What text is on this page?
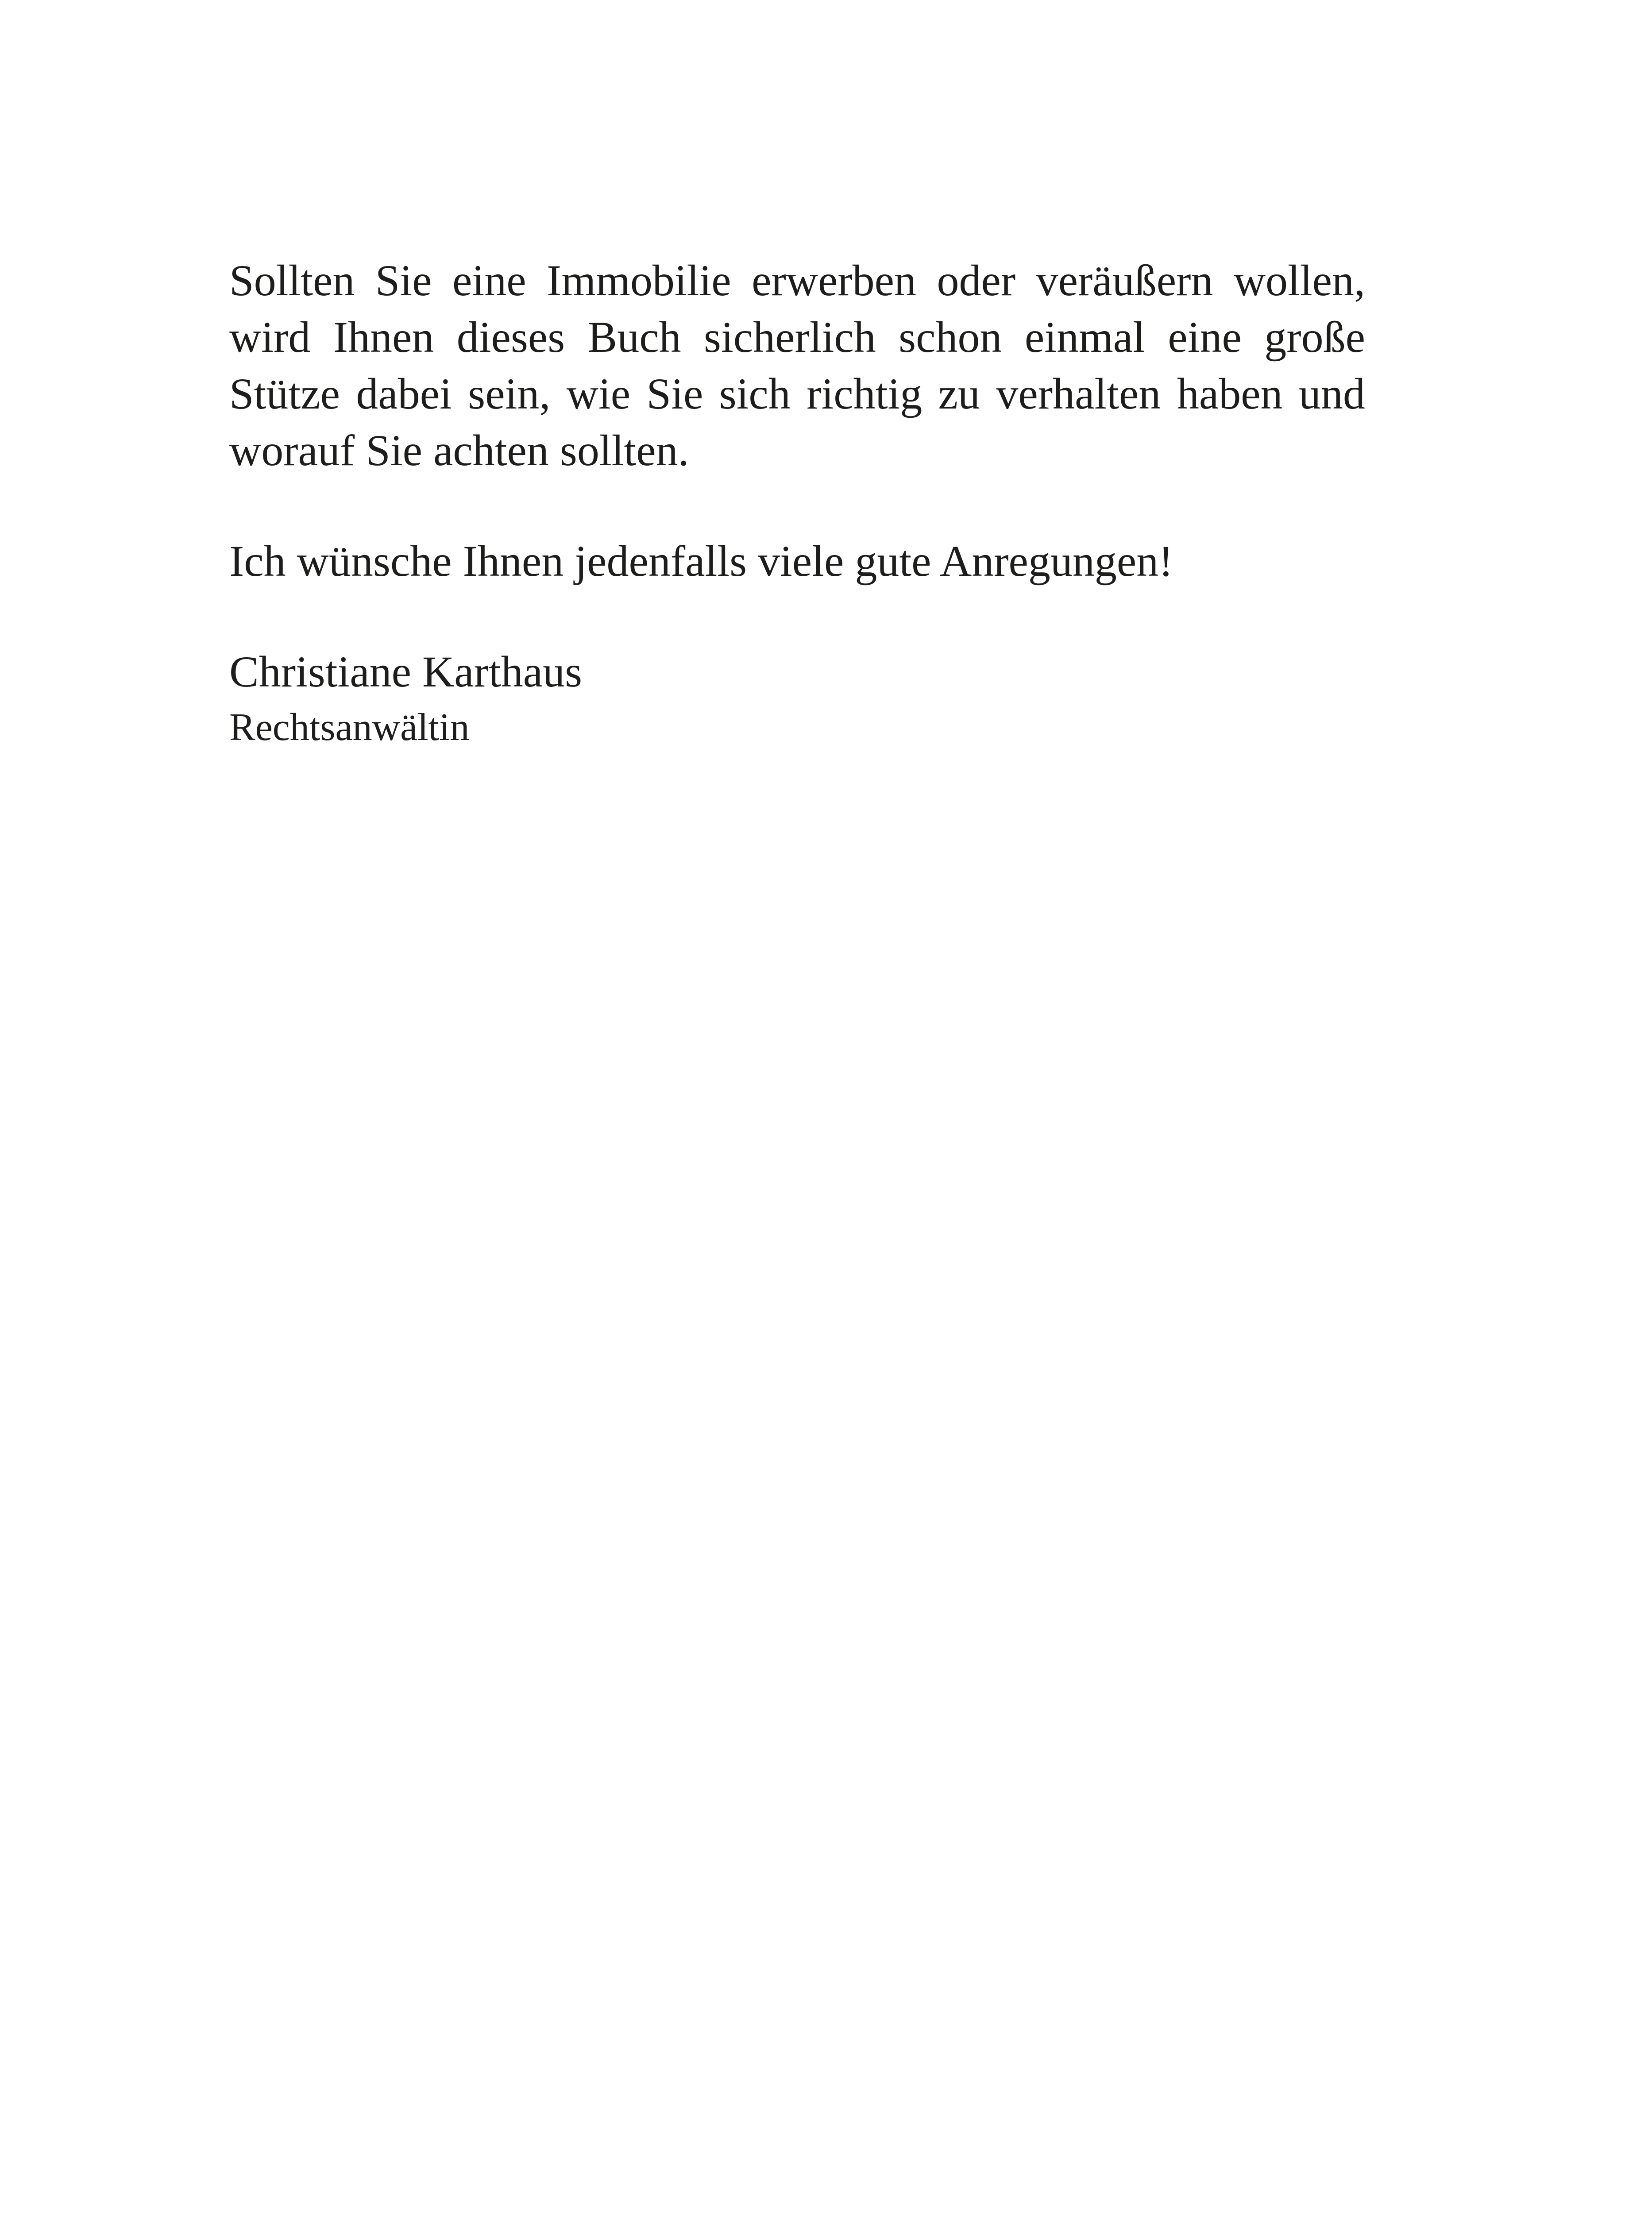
Sollten Sie eine Immobilie erwerben oder veräußern wollen,
wird Ihnen dieses Buch sicherlich schon einmal eine große
Stütze dabei sein, wie Sie sich richtig zu verhalten haben und
worauf Sie achten sollten.

Ich wünsche Ihnen jedenfalls viele gute Anregungen!

Christiane Karthaus

Rechtsanwältin
